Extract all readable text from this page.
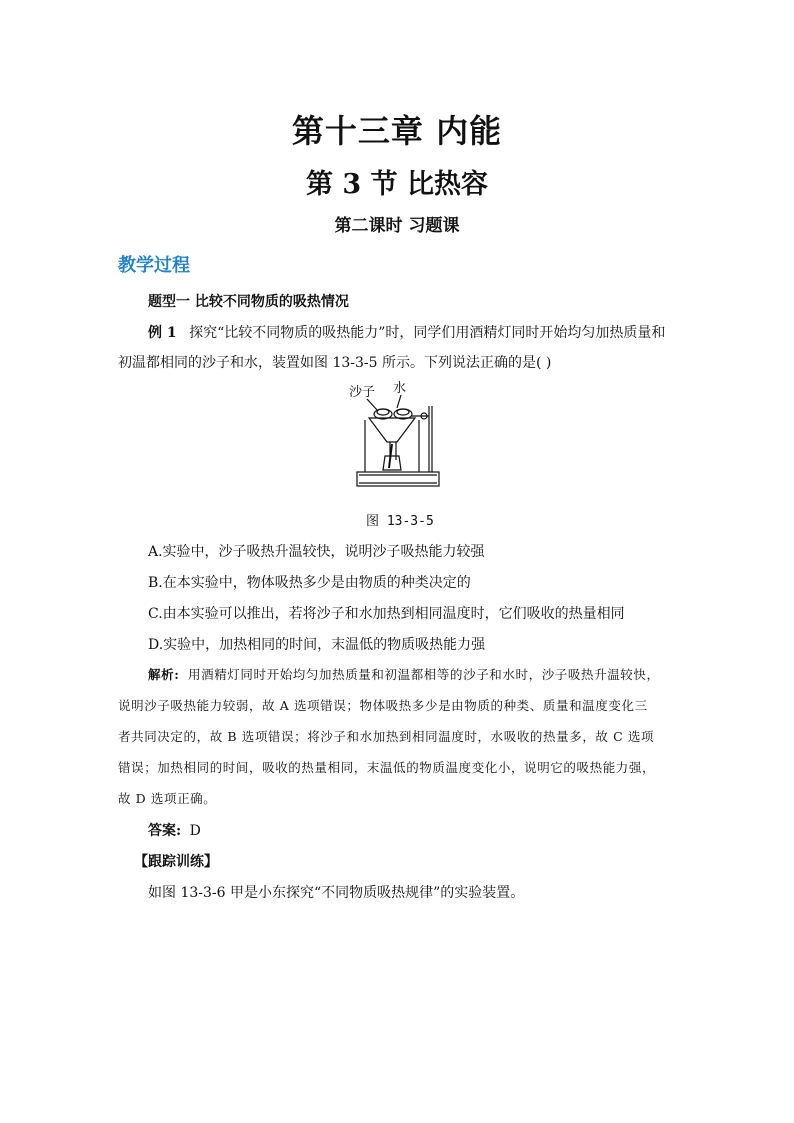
第十三章 内能
第 3 节 比热容
第二课时 习题课
教学过程
题型一 比较不同物质的吸热情况
例 1 探究“比较不同物质的吸热能力”时，同学们用酒精灯同时开始均匀加热质量和
初温都相同的沙子和水，装置如图 13-3-5 所示。下列说法正确的是( )
沙子 水
图 13-3-5
A.实验中，沙子吸热升温较快，说明沙子吸热能力较强
B.在本实验中，物体吸热多少是由物质的种类决定的
C.由本实验可以推出，若将沙子和水加热到相同温度时，它们吸收的热量相同
D.实验中，加热相同的时间，末温低的物质吸热能力强
解析: 用酒精灯同时开始均匀加热质量和初温都相等的沙子和水时，沙子吸热升温较快，
说明沙子吸热能力较弱，故 A 选项错误；物体吸热多少是由物质的种类、质量和温度变化三
者共同决定的，故 B 选项错误；将沙子和水加热到相同温度时，水吸收的热量多，故 C 选项
错误；加热相同的时间，吸收的热量相同，末温低的物质温度变化小，说明它的吸热能力强，
故 D 选项正确。
答案: D
【跟踪训练】
如图 13-3-6 甲是小东探究“不同物质吸热规律”的实验装置。
